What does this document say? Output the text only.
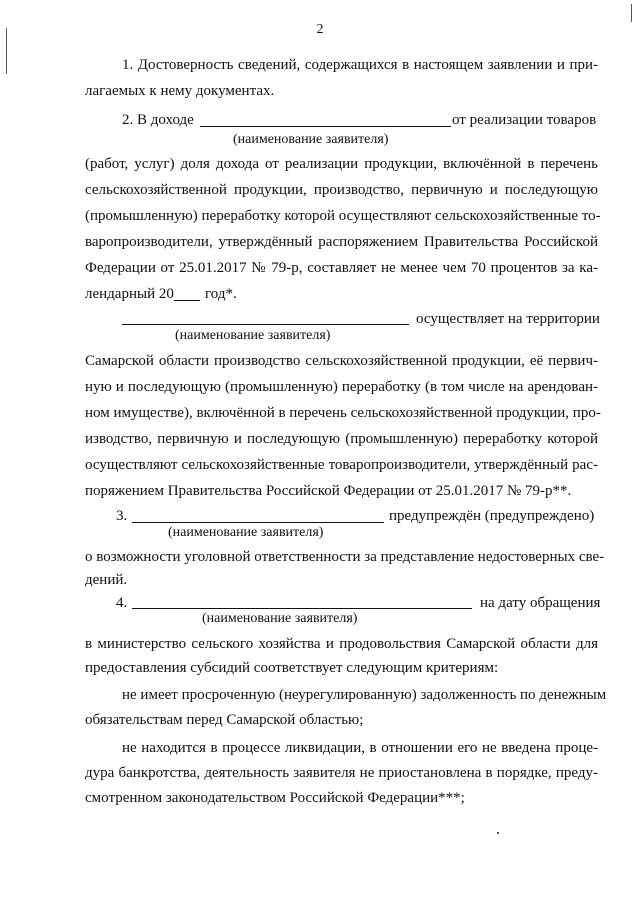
2
1. Достоверность сведений, содержащихся в настоящем заявлении и при-
лагаемых к нему документах.
2. В доходе	от реализации товаров
(наименование заявителя)
(работ, услуг) доля дохода от реализации продукции, включённой в перечень
сельскохозяйственной продукции, производство, первичную и последующую
(промышленную) переработку которой осуществляют сельскохозяйственные то-
варопроизводители, утверждённый распоряжением Правительства Российской
Федерации от 25.01.2017 № 79-р, составляет не менее чем 70 процентов за ка-
лендарный 20 год*.
осуществляет на территории
(наименование заявителя)
Самарской области производство сельскохозяйственной продукции, её первич-
ную и последующую (промышленную) переработку (в том числе на арендован-
ном имуществе), включённой в перечень сельскохозяйственной продукции, про-
изводство, первичную и последующую (промышленную) переработку которой
осуществляют сельскохозяйственные товаропроизводители, утверждённый рас-
поряжением Правительства Российской Федерации от 25.01.2017 № 79-р**.
3.	предупреждён (предупреждено)
(наименование заявителя)
о возможности уголовной ответственности за представление недостоверных све-
дений.
4.	на дату обращения
(наименование заявителя)
в министерство сельского хозяйства и продовольствия Самарской области для
предоставления субсидий соответствует следующим критериям:
не имеет просроченную (неурегулированную) задолженность по денежным
обязательствам перед Самарской областью;
не находится в процессе ликвидации, в отношении его не введена проце-
дура банкротства, деятельность заявителя не приостановлена в порядке, преду-
смотренном законодательством Российской Федерации***;
